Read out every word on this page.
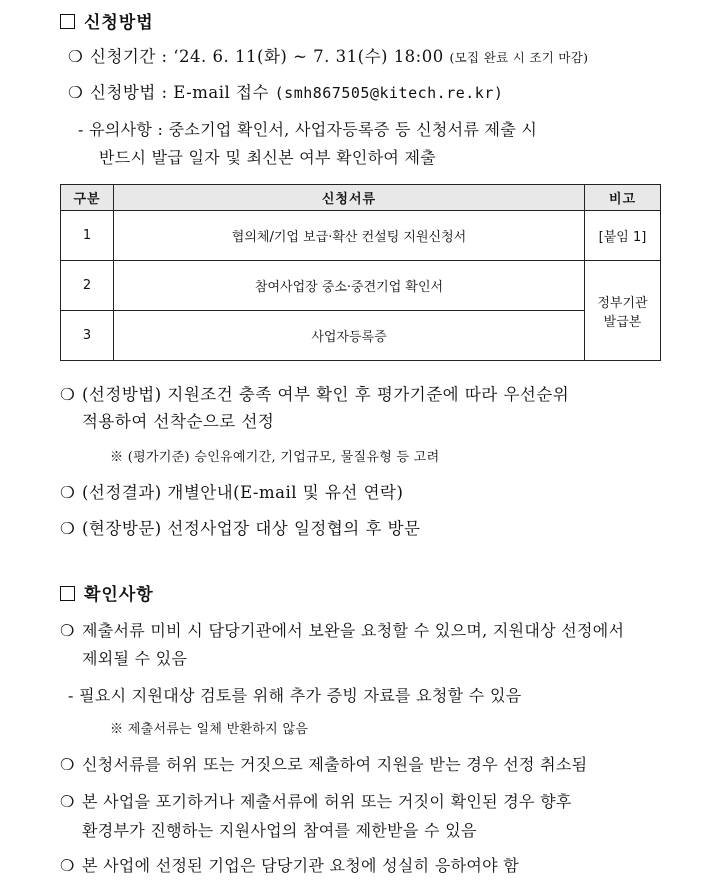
신청방법
❍ 신청기간 : ‘24. 6. 11(화) ~ 7. 31(수) 18:00 (모집 완료 시 조기 마감)
❍ 신청방법 : E-mail 접수 (smh867505@kitech.re.kr)
- 유의사항 : 중소기업 확인서, 사업자등록증 등 신청서류 제출 시
반드시 발급 일자 및 최신본 여부 확인하여 제출
구분	신청서류	비고
1	협의체/기업 보급·확산 컨설팅 지원신청서	[붙임 1]
2	참여사업장 중소·중견기업 확인서	정부기관
발급본

3	사업자등록증	
❍ (선정방법) 지원조건 충족 여부 확인 후 평가기준에 따라 우선순위
적용하여 선착순으로 선정
※ (평가기준) 승인유예기간, 기업규모, 물질유형 등 고려
❍ (선정결과) 개별안내(E-mail 및 유선 연락)
❍ (현장방문) 선정사업장 대상 일정협의 후 방문
확인사항
❍ 제출서류 미비 시 담당기관에서 보완을 요청할 수 있으며, 지원대상 선정에서
제외될 수 있음
- 필요시 지원대상 검토를 위해 추가 증빙 자료를 요청할 수 있음
※ 제출서류는 일체 반환하지 않음
❍ 신청서류를 허위 또는 거짓으로 제출하여 지원을 받는 경우 선정 취소됨
❍ 본 사업을 포기하거나 제출서류에 허위 또는 거짓이 확인된 경우 향후
환경부가 진행하는 지원사업의 참여를 제한받을 수 있음
❍ 본 사업에 선정된 기업은 담당기관 요청에 성실히 응하여야 함
